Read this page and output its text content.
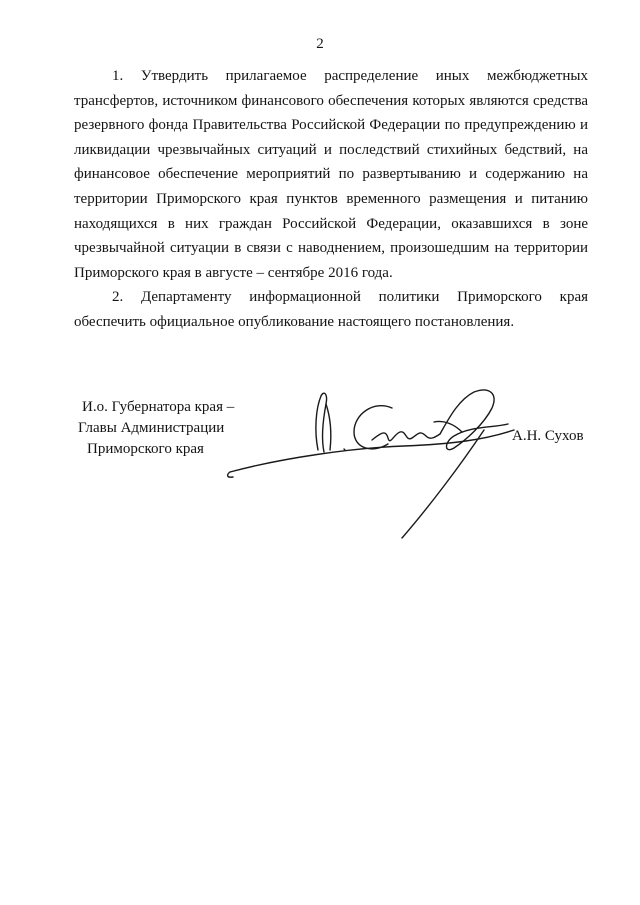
2

1. Утвердить прилагаемое распределение иных межбюджетных трансфертов, источником финансового обеспечения которых являются средства резервного фонда Правительства Российской Федерации по предупреждению и ликвидации чрезвычайных ситуаций и последствий стихийных бедствий, на финансовое обеспечение мероприятий по развертыванию и содержанию на территории Приморского края пунктов временного размещения и питанию находящихся в них граждан Российской Федерации, оказавшихся в зоне чрезвычайной ситуации в связи с наводнением, произошедшим на территории Приморского края в августе – сентябре 2016 года.

2. Департаменту информационной политики Приморского края обеспечить официальное опубликование настоящего постановления.

И.о. Губернатора края –
Главы Администрации
Приморского края
А.Н. Сухов
